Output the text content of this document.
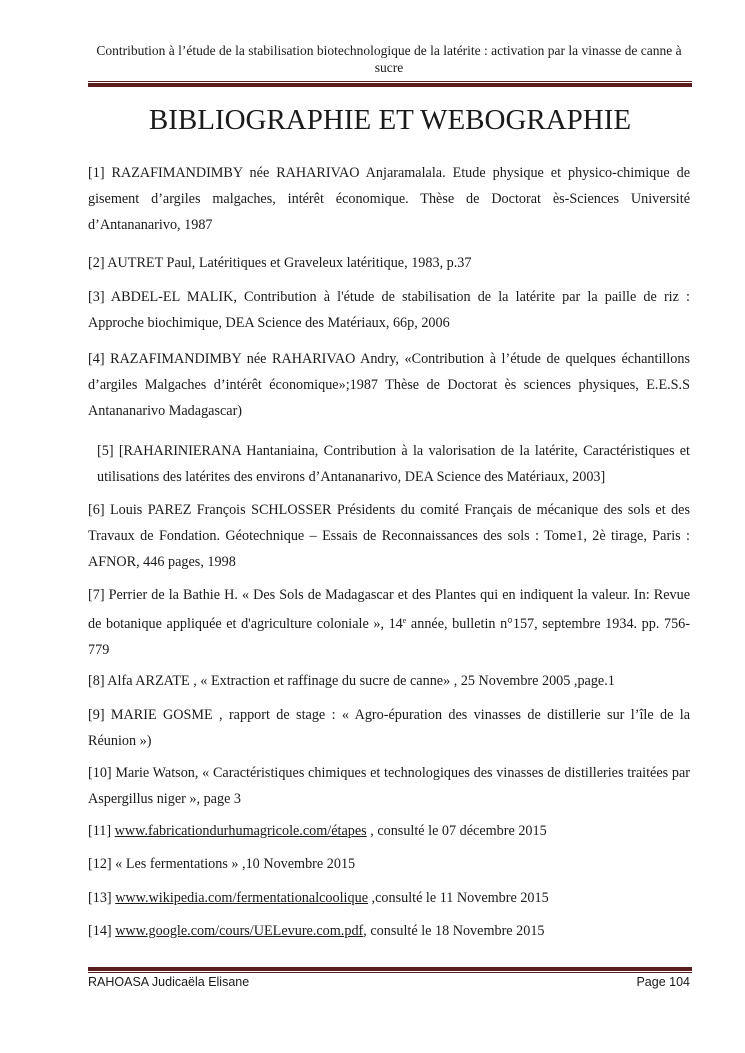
Contribution à l’étude de la stabilisation biotechnologique de la latérite : activation par la vinasse de canne à sucre
BIBLIOGRAPHIE ET WEBOGRAPHIE

[1] RAZAFIMANDIMBY née RAHARIVAO Anjaramalala. Etude physique et physico-chimique de gisement d’argiles malgaches, intérêt économique. Thèse de Doctorat ès-Sciences Université d’Antananarivo, 1987

[2] AUTRET Paul, Latéritiques et Graveleux latéritique, 1983, p.37

[3] ABDEL-EL MALIK, Contribution à l'étude de stabilisation de la latérite par la paille de riz : Approche biochimique, DEA Science des Matériaux, 66p, 2006

[4] RAZAFIMANDIMBY née RAHARIVAO Andry, «Contribution à l’étude de quelques échantillons d’argiles Malgaches d’intérêt économique»;1987 Thèse de Doctorat ès sciences physiques, E.E.S.S Antananarivo Madagascar)

[5] [RAHARINIERANA Hantaniaina, Contribution à la valorisation de la latérite, Caractéristiques et utilisations des latérites des environs d’Antananarivo, DEA Science des Matériaux, 2003]

[6] Louis PAREZ François SCHLOSSER Présidents du comité Français de mécanique des sols et des Travaux de Fondation. Géotechnique – Essais de Reconnaissances des sols : Tome1, 2è tirage, Paris : AFNOR, 446 pages, 1998

[7] Perrier de la Bathie H. « Des Sols de Madagascar et des Plantes qui en indiquent la valeur. In: Revue de botanique appliquée et d'agriculture coloniale », 14e année, bulletin n°157, septembre 1934. pp. 756-779

[8] Alfa ARZATE , « Extraction et raffinage du sucre de canne» , 25 Novembre 2005 ,page.1

[9] MARIE GOSME , rapport de stage : « Agro-épuration des vinasses de distillerie sur l’île de la Réunion »)

[10] Marie Watson, « Caractéristiques chimiques et technologiques des vinasses de distilleries traitées par Aspergillus niger », page 3

[11] www.fabricationdurhumagricole.com/étapes , consulté le 07 décembre 2015

[12] « Les fermentations » ,10 Novembre 2015

[13] www.wikipedia.com/fermentationalcoolique ,consulté le 11 Novembre 2015

[14] www.google.com/cours/UELevure.com.pdf, consulté le 18 Novembre 2015

RAHOASA Judicaëla Elisane	Page 104
